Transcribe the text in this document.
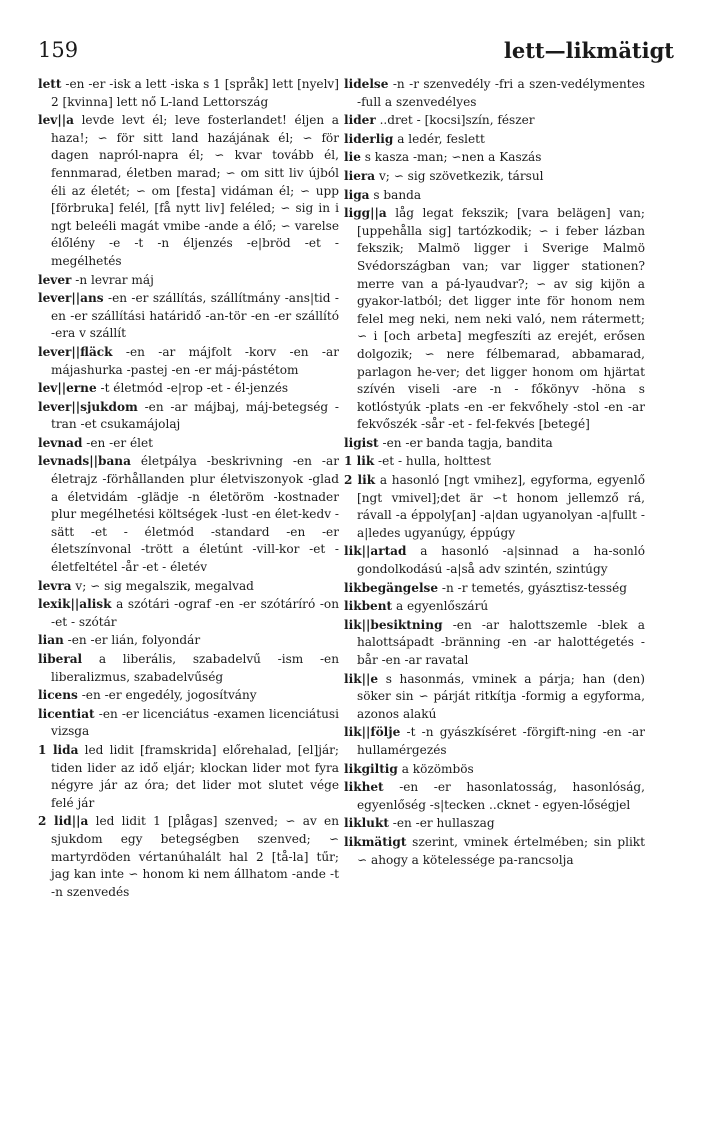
159	lett—likmätigt

lett -en -er -isk a lett -iska s 1 [språk] lett [nyelv] 2 [kvinna] lett nő L-land Lettország

lev||a levde levt él; leve fosterlandet! éljen a haza!; ∽ för sitt land hazájának él; ∽ för dagen napról-napra él; ∽ kvar tovább él, fennmarad, életben marad; ∽ om sitt liv újból éli az életét; ∽ om [festa] vidáman él; ∽ upp [förbruka] felél, [få nytt liv] feléled; ∽ sig in i ngt beleéli magát vmibe -ande a élő; ∽ varelse élőlény -e -t -n éljenzés -e|bröd -et - megélhetés

lever -n levrar máj

lever||ans -en -er szállítás, szállítmány -ans|tid -en -er szállítási határidő -an-tör -en -er szállító -era v szállít

lever||fläck -en -ar májfolt -korv -en -ar májashurka -pastej -en -er máj-pástétom

lev||erne -t életmód -e|rop -et - él-jenzés

lever||sjukdom -en -ar májbaj, máj-betegség -tran -et csukamájolaj

levnad -en -er élet

levnads||bana életpálya -beskrivning -en -ar életrajz -förhållanden plur életviszonyok -glad a életvidám -glädje -n életöröm -kostnader plur megélhetési költségek -lust -en élet-kedv -sätt -et - életmód -standard -en -er életszínvonal -trött a életúnt -vill-kor -et - életfeltétel -år -et - életév

levra v; ∽ sig megalszik, megalvad

lexik||alisk a szótári -ograf -en -er szótáríró -on -et - szótár

lian -en -er lián, folyondár

liberal a liberális, szabadelvű -ism -en liberalizmus, szabadelvűség

licens -en -er engedély, jogosítvány

licentiat -en -er licenciátus -examen licenciátusi vizsga

1 lida led lidit [framskrida] előrehalad, [el]jár; tiden lider az idő eljár; klockan lider mot fyra négyre jár az óra; det lider mot slutet vége felé jár

2 lid||a led lidit 1 [plågas] szenved; ∽ av en sjukdom egy betegségben szenved; ∽ martyrdöden vértanúhalált hal 2 [tå-la] tűr; jag kan inte ∽ honom ki nem állhatom -ande -t -n szenvedés

lidelse -n -r szenvedély -fri a szen-vedélymentes -full a szenvedélyes

lider ..dret - [kocsi]szín, fészer

liderlig a ledér, feslett

lie s kasza -man; ∽nen a Kaszás

liera v; ∽ sig szövetkezik, társul

liga s banda

ligg||a låg legat fekszik; [vara belägen] van; [uppehålla sig] tartózkodik; ∽ i feber lázban fekszik; Malmö ligger i Sverige Malmö Svédországban van; var ligger stationen? merre van a pá-lyaudvar?; ∽ av sig kijön a gyakor-latból; det ligger inte för honom nem felel meg neki, nem neki való, nem rátermett; ∽ i [och arbeta] megfeszíti az erejét, erősen dolgozik; ∽ nere félbemarad, abbamarad, parlagon he-ver; det ligger honom om hjärtat szívén viseli -are -n - főkönyv -höna s kotlóstyúk -plats -en -er fekvőhely -stol -en -ar fekvőszék -sår -et - fel-fekvés [betegé]

ligist -en -er banda tagja, bandita

1 lik -et - hulla, holttest

2 lik a hasonló [ngt vmihez], egyforma, egyenlő [ngt vmivel];det är ∽t honom jellemző rá, rávall -a éppoly[an] -a|dan ugyanolyan -a|fullt -a|ledes ugyanúgy, éppúgy

lik||artad a hasonló -a|sinnad a ha-sonló gondolkodású -a|så adv szintén, szintúgy

likbegängelse -n -r temetés, gyásztisz-tesség

likbent a egyenlőszárú

lik||besiktning -en -ar halottszemle -blek a halottsápadt -bränning -en -ar halottégetés -bår -en -ar ravatal

lik||e s hasonmás, vminek a párja; han (den) söker sin ∽ párját ritkítja -formig a egyforma, azonos alakú

lik||följe -t -n gyászkíséret -förgift-ning -en -ar hullamérgezés

likgiltig a közömbös

likhet -en -er hasonlatosság, hasonlóság, egyenlőség -s|tecken ..cknet - egyen-lőségjel

liklukt -en -er hullaszag

likmätigt szerint, vminek értelmében; sin plikt ∽ ahogy a kötelessége pa-rancsolja
